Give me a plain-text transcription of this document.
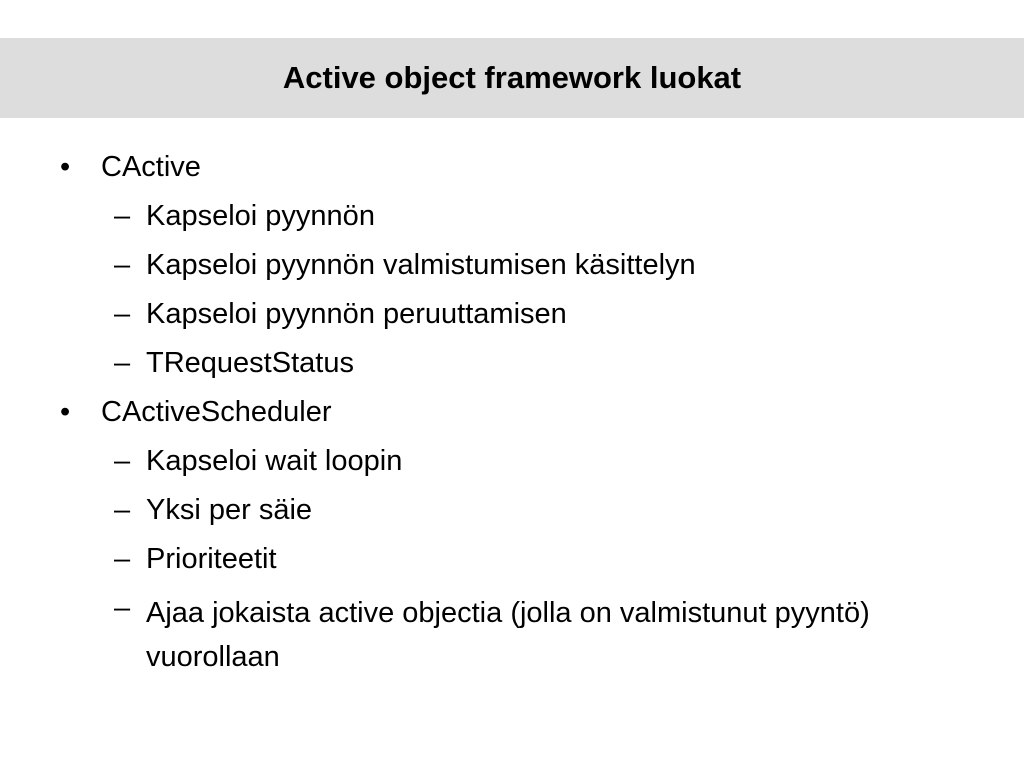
Active object framework luokat
• CActive
– Kapseloi pyynnön
– Kapseloi pyynnön valmistumisen käsittelyn
– Kapseloi pyynnön peruuttamisen
– TRequestStatus
• CActiveScheduler
– Kapseloi wait loopin
– Yksi per säie
– Prioriteetit
– Ajaa jokaista active objectia (jolla on valmistunut pyyntö) vuorollaan
